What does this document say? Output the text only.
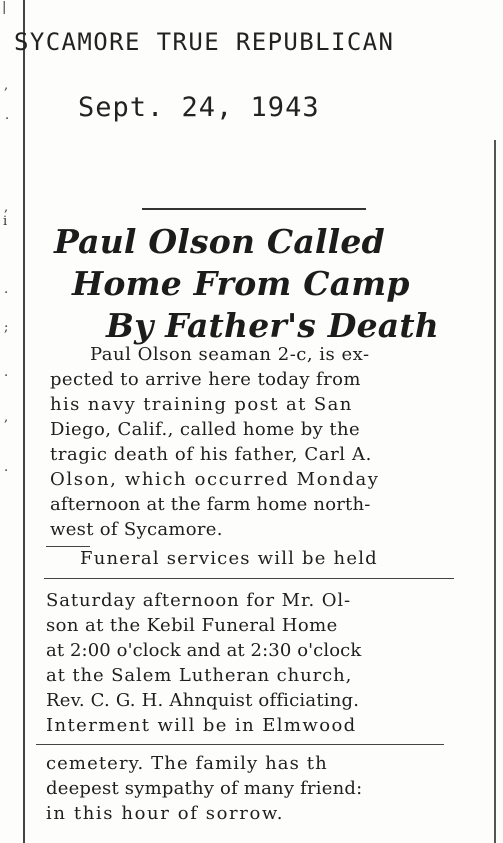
|
,
.
,
i
.
;
.
,
.
SYCAMORE TRUE REPUBLICAN
Sept. 24, 1943
Paul Olson Called
Home From Camp
By Father's Death
Paul Olson seaman 2-c, is ex-
pected to arrive here today from
his navy training post at San
Diego, Calif., called home by the
tragic death of his father, Carl A.
Olson, which occurred Monday
afternoon at the farm home north-
west of Sycamore.
Funeral services will be held
Saturday afternoon for Mr. Ol-
son at the Kebil Funeral Home
at 2:00 o'clock and at 2:30 o'clock
at the Salem Lutheran church,
Rev. C. G. H. Ahnquist officiating.
Interment will be in Elmwood
cemetery. The family has th
deepest sympathy of many friend:
in this hour of sorrow.
